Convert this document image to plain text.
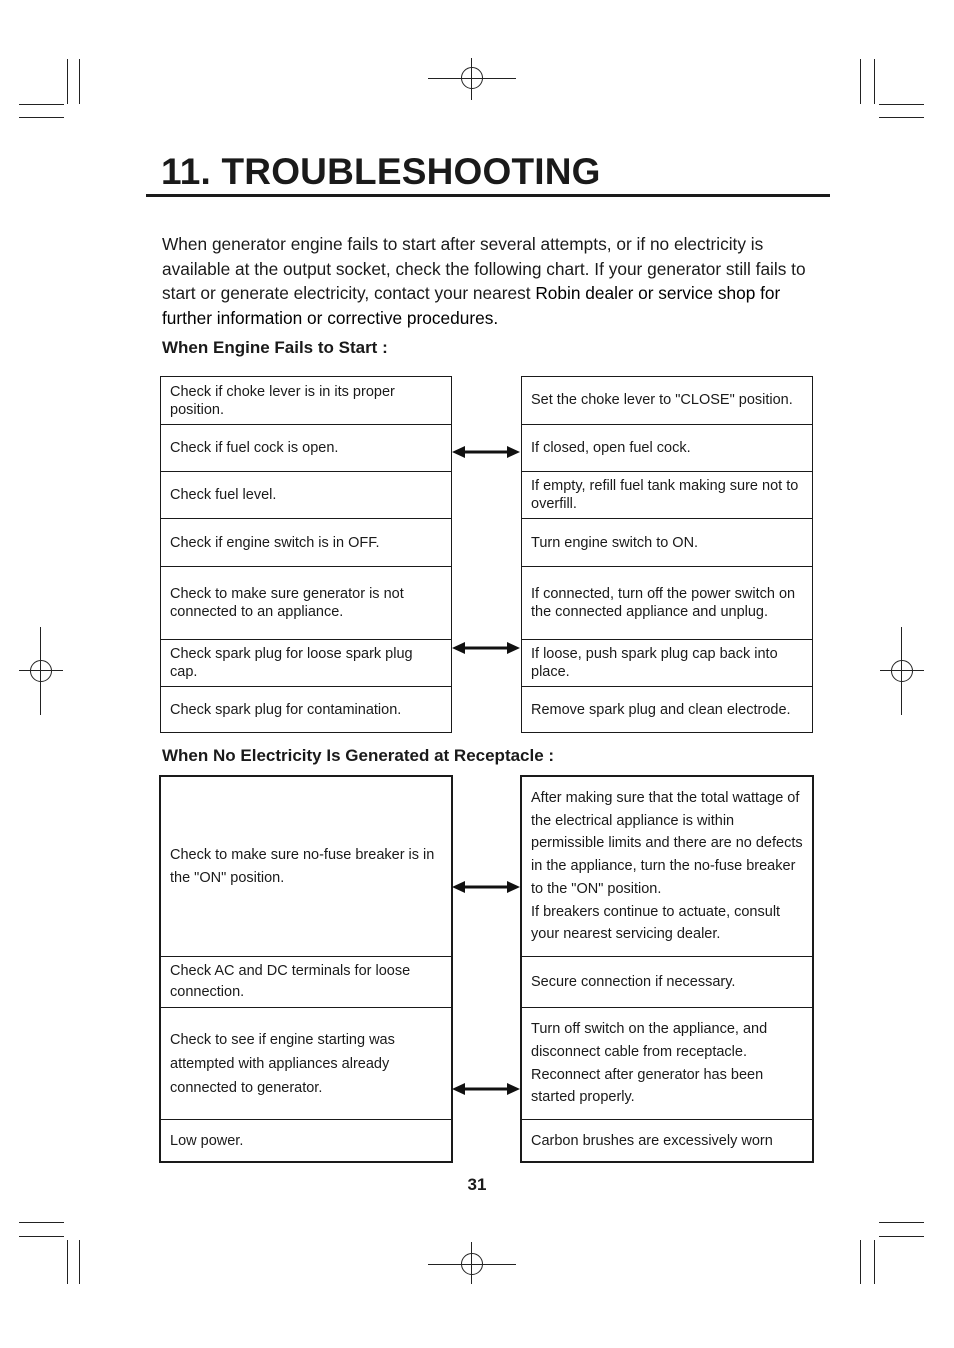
11. TROUBLESHOOTING
When generator engine fails to start after several attempts, or if no electricity is available at the output socket, check the following chart. If your generator still fails to start or generate electricity, contact your nearest Robin dealer or service shop for further information or corrective procedures.
When Engine Fails to Start :
Check if choke lever is in its proper position.
Check if fuel cock is open.
Check fuel level.
Check if engine switch is in OFF.
Check to make sure generator is not connected to an appliance.
Check spark plug for loose spark plug cap.
Check spark plug for contamination.
Set the choke lever to "CLOSE" position.
If closed, open fuel cock.
If empty, refill fuel tank making sure not to overfill.
Turn engine switch to ON.
If connected, turn off the power switch on the connected appliance and unplug.
If loose, push spark plug cap back into place.
Remove spark plug and clean electrode.
When No Electricity Is Generated at Receptacle :
Check to make sure no-fuse breaker is in the "ON" position.
Check AC and DC terminals for loose connection.
Check to see if engine starting was attempted with appliances already connected to generator.
Low power.
After making sure that the total wattage of the electrical appliance is within permissible limits and there are no defects in the appliance, turn the no-fuse breaker to the "ON" position.
If breakers continue to actuate, consult your nearest servicing dealer.
Secure connection if necessary.
Turn off switch on the appliance, and disconnect cable from receptacle. Reconnect after generator has been started properly.
Carbon brushes are excessively worn
31
